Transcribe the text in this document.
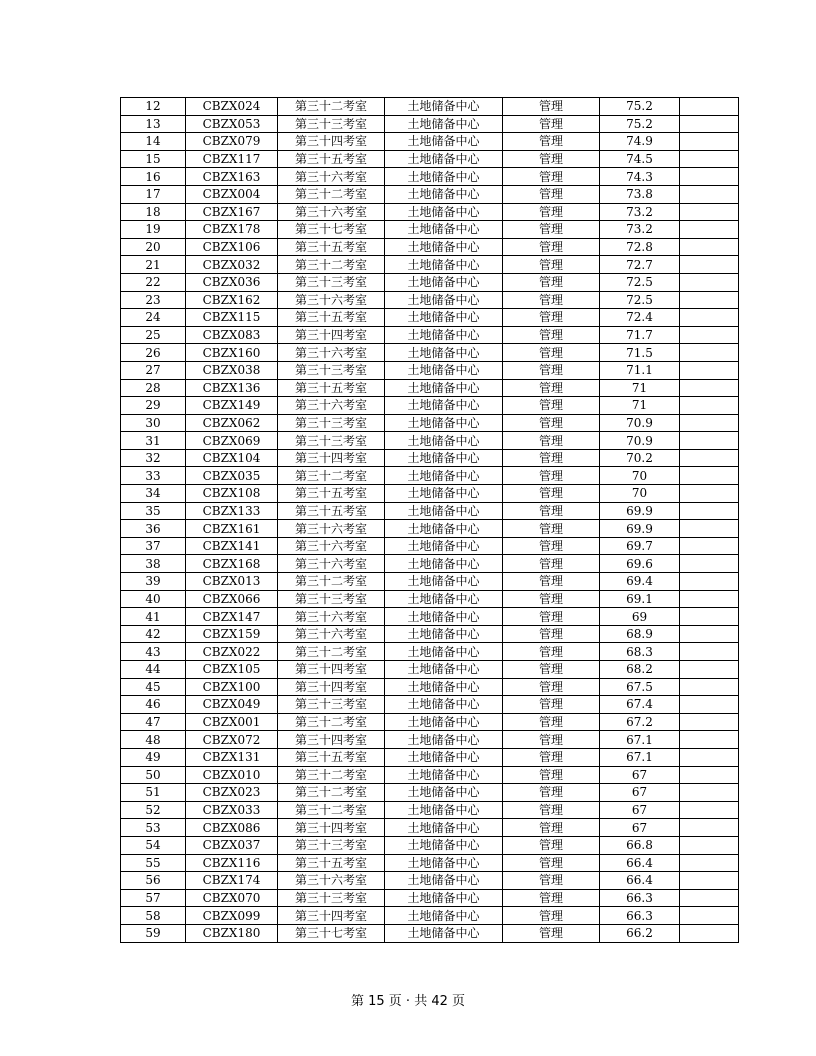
12	CBZX024	第三十二考室	土地储备中心	管理	75.2	
13	CBZX053	第三十三考室	土地储备中心	管理	75.2	
14	CBZX079	第三十四考室	土地储备中心	管理	74.9	
15	CBZX117	第三十五考室	土地储备中心	管理	74.5	
16	CBZX163	第三十六考室	土地储备中心	管理	74.3	
17	CBZX004	第三十二考室	土地储备中心	管理	73.8	
18	CBZX167	第三十六考室	土地储备中心	管理	73.2	
19	CBZX178	第三十七考室	土地储备中心	管理	73.2	
20	CBZX106	第三十五考室	土地储备中心	管理	72.8	
21	CBZX032	第三十二考室	土地储备中心	管理	72.7	
22	CBZX036	第三十三考室	土地储备中心	管理	72.5	
23	CBZX162	第三十六考室	土地储备中心	管理	72.5	
24	CBZX115	第三十五考室	土地储备中心	管理	72.4	
25	CBZX083	第三十四考室	土地储备中心	管理	71.7	
26	CBZX160	第三十六考室	土地储备中心	管理	71.5	
27	CBZX038	第三十三考室	土地储备中心	管理	71.1	
28	CBZX136	第三十五考室	土地储备中心	管理	71	
29	CBZX149	第三十六考室	土地储备中心	管理	71	
30	CBZX062	第三十三考室	土地储备中心	管理	70.9	
31	CBZX069	第三十三考室	土地储备中心	管理	70.9	
32	CBZX104	第三十四考室	土地储备中心	管理	70.2	
33	CBZX035	第三十二考室	土地储备中心	管理	70	
34	CBZX108	第三十五考室	土地储备中心	管理	70	
35	CBZX133	第三十五考室	土地储备中心	管理	69.9	
36	CBZX161	第三十六考室	土地储备中心	管理	69.9	
37	CBZX141	第三十六考室	土地储备中心	管理	69.7	
38	CBZX168	第三十六考室	土地储备中心	管理	69.6	
39	CBZX013	第三十二考室	土地储备中心	管理	69.4	
40	CBZX066	第三十三考室	土地储备中心	管理	69.1	
41	CBZX147	第三十六考室	土地储备中心	管理	69	
42	CBZX159	第三十六考室	土地储备中心	管理	68.9	
43	CBZX022	第三十二考室	土地储备中心	管理	68.3	
44	CBZX105	第三十四考室	土地储备中心	管理	68.2	
45	CBZX100	第三十四考室	土地储备中心	管理	67.5	
46	CBZX049	第三十三考室	土地储备中心	管理	67.4	
47	CBZX001	第三十二考室	土地储备中心	管理	67.2	
48	CBZX072	第三十四考室	土地储备中心	管理	67.1	
49	CBZX131	第三十五考室	土地储备中心	管理	67.1	
50	CBZX010	第三十二考室	土地储备中心	管理	67	
51	CBZX023	第三十二考室	土地储备中心	管理	67	
52	CBZX033	第三十二考室	土地储备中心	管理	67	
53	CBZX086	第三十四考室	土地储备中心	管理	67	
54	CBZX037	第三十三考室	土地储备中心	管理	66.8	
55	CBZX116	第三十五考室	土地储备中心	管理	66.4	
56	CBZX174	第三十六考室	土地储备中心	管理	66.4	
57	CBZX070	第三十三考室	土地储备中心	管理	66.3	
58	CBZX099	第三十四考室	土地储备中心	管理	66.3	
59	CBZX180	第三十七考室	土地储备中心	管理	66.2	
第 15 页 · 共 42 页
